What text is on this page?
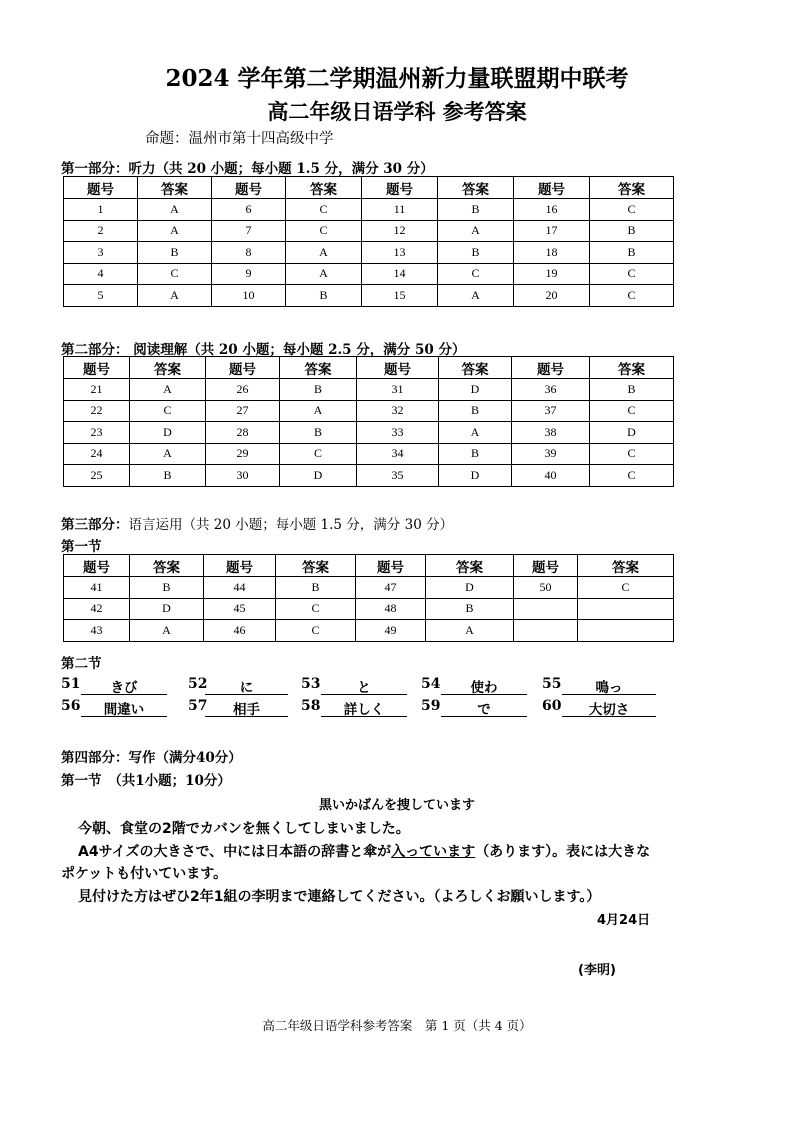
2024 学年第二学期温州新力量联盟期中联考
高二年级日语学科 参考答案
命题：温州市第十四高级中学
第一部分：听力（共 20 小题；每小题 1.5 分，满分 30 分）
题号	答案	题号	答案	题号	答案	题号	答案
1	A	6	C	11	B	16	C
2	A	7	C	12	A	17	B
3	B	8	A	13	B	18	B
4	C	9	A	14	C	19	C
5	A	10	B	15	A	20	C
第二部分： 阅读理解（共 20 小题；每小题 2.5 分，满分 50 分）
题号	答案	题号	答案	题号	答案	题号	答案
21	A	26	B	31	D	36	B
22	C	27	A	32	B	37	C
23	D	28	B	33	A	38	D
24	A	29	C	34	B	39	C
25	B	30	D	35	D	40	C
第三部分：语言运用（共 20 小题；每小题 1.5 分，满分 30 分）
第一节
题号	答案	题号	答案	题号	答案	题号	答案
41	B	44	B	47	D	50	C
42	D	45	C	48	B		
43	A	46	C	49	A		
第二节
51	きび	52	に	53	と	54	使わ	55	鳴っ
56	間違い	57	相手	58	詳しく	59	で	60	大切さ
第四部分：写作（满分40分）
第一节　（共1小题；10分）
黒いかばんを捜しています
今朝、食堂の2階でカバンを無くしてしまいました。
A4サイズの大きさで、中には日本語の辞書と傘が入っています（あります）。表には大きな
ポケットも付いています。
見付けた方はぜひ2年1組の李明まで連絡してください。（よろしくお願いします。）
4月24日
(李明)
高二年级日语学科参考答案　第 1 页（共 4 页）
